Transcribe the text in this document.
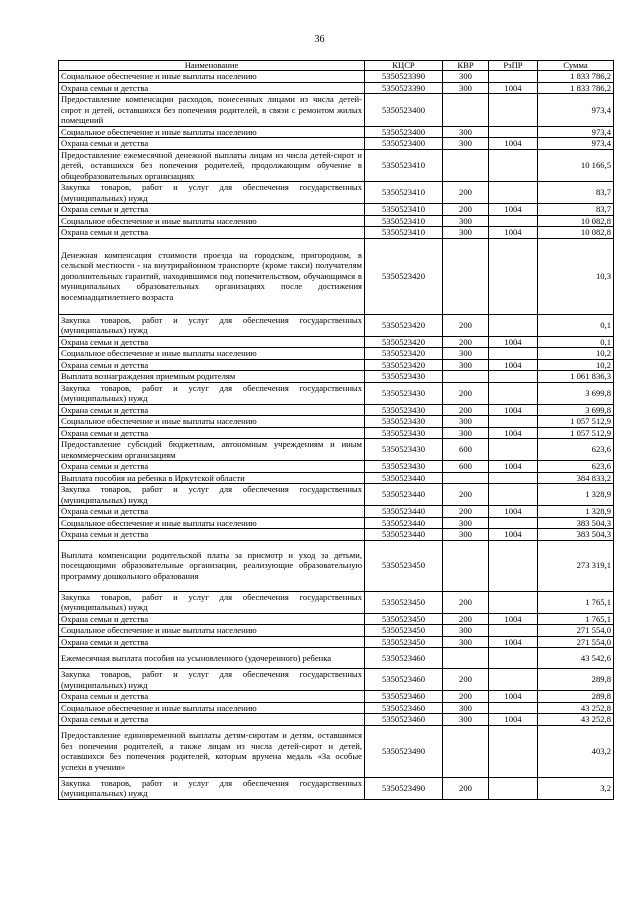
36
Наименование	КЦСР	КВР	РзПР	Сумма
Социальное обеспечение и иные выплаты населению	5350523390	300		1 833 786,2
Охрана семьи и детства	5350523390	300	1004	1 833 786,2
Предоставление компенсации расходов, понесенных лицами из числа детей-сирот и детей, оставшихся без попечения родителей, в связи с ремонтом жилых помещений	5350523400			973,4
Социальное обеспечение и иные выплаты населению	5350523400	300		973,4
Охрана семьи и детства	5350523400	300	1004	973,4
Предоставление ежемесячной денежной выплаты лицам из числа детей-сирот и детей, оставшихся без попечения родителей, продолжающим обучение в общеобразовательных организациях	5350523410			10 166,5
Закупка товаров, работ и услуг для обеспечения государственных (муниципальных) нужд	5350523410	200		83,7
Охрана семьи и детства	5350523410	200	1004	83,7
Социальное обеспечение и иные выплаты населению	5350523410	300		10 082,8
Охрана семьи и детства	5350523410	300	1004	10 082,8
Денежная компенсация стоимости проезда на городском, пригородном, в сельской местности - на внутрирайонном транспорте (кроме такси) получателям дополнительных гарантий, находившимся под попечительством, обучающимся в муниципальных образовательных организациях после достижения восемнадцатилетнего возраста	5350523420			10,3
Закупка товаров, работ и услуг для обеспечения государственных (муниципальных) нужд	5350523420	200		0,1
Охрана семьи и детства	5350523420	200	1004	0,1
Социальное обеспечение и иные выплаты населению	5350523420	300		10,2
Охрана семьи и детства	5350523420	300	1004	10,2
Выплата вознаграждения приемным родителям	5350523430			1 061 836,3
Закупка товаров, работ и услуг для обеспечения государственных (муниципальных) нужд	5350523430	200		3 699,8
Охрана семьи и детства	5350523430	200	1004	3 699,8
Социальное обеспечение и иные выплаты населению	5350523430	300		1 057 512,9
Охрана семьи и детства	5350523430	300	1004	1 057 512,9
Предоставление субсидий бюджетным, автономным учреждениям и иным некоммерческим организациям	5350523430	600		623,6
Охрана семьи и детства	5350523430	600	1004	623,6
Выплата пособия на ребенка в Иркутской области	5350523440			384 833,2
Закупка товаров, работ и услуг для обеспечения государственных (муниципальных) нужд	5350523440	200		1 328,9
Охрана семьи и детства	5350523440	200	1004	1 328,9
Социальное обеспечение и иные выплаты населению	5350523440	300		383 504,3
Охрана семьи и детства	5350523440	300	1004	383 504,3
Выплата компенсации родительской платы за присмотр и уход за детьми, посещающими образовательные организации, реализующие образовательную программу дошкольного образования	5350523450			273 319,1
Закупка товаров, работ и услуг для обеспечения государственных (муниципальных) нужд	5350523450	200		1 765,1
Охрана семьи и детства	5350523450	200	1004	1 765,1
Социальное обеспечение и иные выплаты населению	5350523450	300		271 554,0
Охрана семьи и детства	5350523450	300	1004	271 554,0
Ежемесячная выплата пособия на усыновленного (удочеренного) ребенка	5350523460			43 542,6
Закупка товаров, работ и услуг для обеспечения государственных (муниципальных) нужд	5350523460	200		289,8
Охрана семьи и детства	5350523460	200	1004	289,8
Социальное обеспечение и иные выплаты населению	5350523460	300		43 252,8
Охрана семьи и детства	5350523460	300	1004	43 252,8
Предоставление единовременной выплаты детям-сиротам и детям, оставшимся без попечения родителей, а также лицам из числа детей-сирот и детей, оставшихся без попечения родителей, которым вручена медаль «За особые успехи в учении»	5350523490			403,2
Закупка товаров, работ и услуг для обеспечения государственных (муниципальных) нужд	5350523490	200		3,2
